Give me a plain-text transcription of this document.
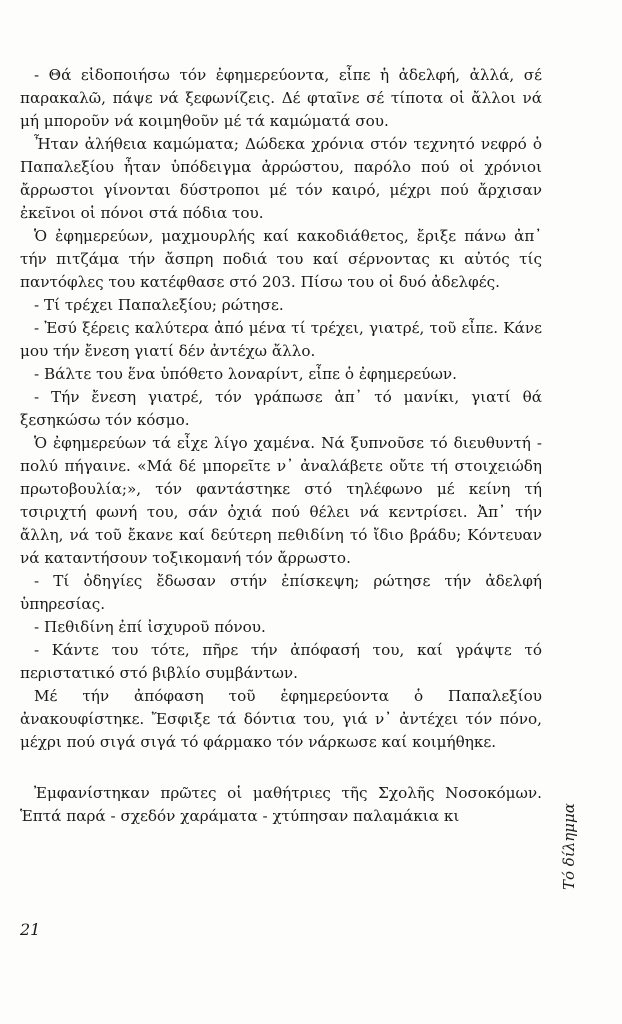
- Θά εἰδοποιήσω τόν ἐφημερεύοντα, εἶπε ἡ ἀδελφή, ἀλλά, σέ παρακαλῶ, πάψε νά ξεφωνίζεις. Δέ φταῖνε σέ τίποτα οἱ ἄλλοι νά μή μποροῦν νά κοιμηθοῦν μέ τά καμώματά σου.

Ἦταν ἀλήθεια καμώματα; Δώδεκα χρόνια στόν τεχνητό νεφρό ὁ Παπαλεξίου ἦταν ὑπόδειγμα ἀρρώστου, παρόλο πού οἱ χρόνιοι ἄρρωστοι γίνονται δύστροποι μέ τόν καιρό, μέχρι πού ἄρχισαν ἐκεῖνοι οἱ πόνοι στά πόδια του.

Ὁ ἐφημερεύων, μαχμουρλής καί κακοδιάθετος, ἔριξε πάνω ἀπ᾿ τήν πιτζάμα τήν ἄσπρη ποδιά του καί σέρνοντας κι αὐτός τίς παντόφλες του κατέφθασε στό 203. Πίσω του οἱ δυό ἀδελφές.

- Τί τρέχει Παπαλεξίου; ρώτησε.

- Ἐσύ ξέρεις καλύτερα ἀπό μένα τί τρέχει, γιατρέ, τοῦ εἶπε. Κάνε μου τήν ἔνεση γιατί δέν ἀντέχω ἄλλο.

- Βάλτε του ἕνα ὑπόθετο λοναρίντ, εἶπε ὁ ἐφημερεύων.

- Τήν ἔνεση γιατρέ, τόν γράπωσε ἀπ᾿ τό μανίκι, γιατί θά ξεσηκώσω τόν κόσμο.

Ὁ ἐφημερεύων τά εἶχε λίγο χαμένα. Νά ξυπνοῦσε τό διευθυντή - πολύ πήγαινε. «Μά δέ μπορεῖτε ν᾿ ἀναλάβετε οὔτε τή στοιχειώδη πρωτοβουλία;», τόν φαντάστηκε στό τηλέφωνο μέ κείνη τή τσιριχτή φωνή του, σάν ὀχιά πού θέλει νά κεντρίσει. Ἀπ᾿ τήν ἄλλη, νά τοῦ ἔκανε καί δεύτερη πεθιδίνη τό ἴδιο βράδυ; Κόντευαν νά καταντήσουν τοξικομανή τόν ἄρρωστο.

- Τί ὁδηγίες ἔδωσαν στήν ἐπίσκεψη; ρώτησε τήν ἀδελφή ὑπηρεσίας.

- Πεθιδίνη ἐπί ἰσχυροῦ πόνου.

- Κάντε του τότε, πῆρε τήν ἀπόφασή του, καί γράψτε τό περιστατικό στό βιβλίο συμβάντων.

Μέ τήν ἀπόφαση τοῦ ἐφημερεύοντα ὁ Παπαλεξίου ἀνακουφίστηκε. Ἔσφιξε τά δόντια του, γιά ν᾿ ἀντέχει τόν πόνο, μέχρι πού σιγά σιγά τό φάρμακο τόν νάρκωσε καί κοιμήθηκε.

Ἐμφανίστηκαν πρῶτες οἱ μαθήτριες τῆς Σχολῆς Νοσοκόμων. Ἑπτά παρά - σχεδόν χαράματα - χτύπησαν παλαμάκια κι	Τό δίλημμα
21
